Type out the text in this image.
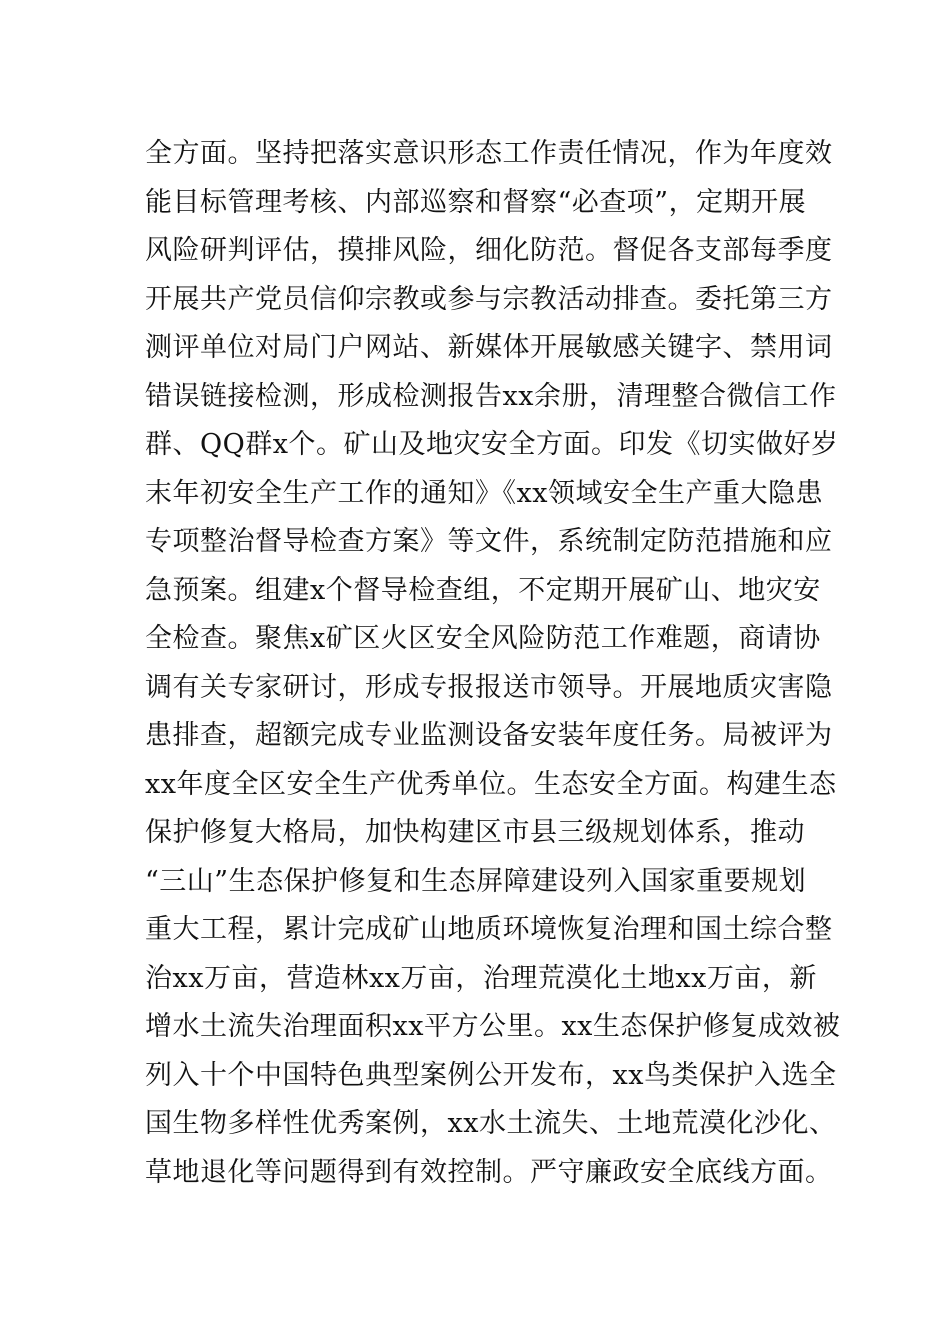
全方面。坚持把落实意识形态工作责任情况，作为年度效
能目标管理考核、内部巡察和督察“必查项”，定期开展
风险研判评估，摸排风险，细化防范。督促各支部每季度
开展共产党员信仰宗教或参与宗教活动排查。委托第三方
测评单位对局门户网站、新媒体开展敏感关键字、禁用词
错误链接检测，形成检测报告xx余册，清理整合微信工作
群、QQ群x个。矿山及地灾安全方面。印发《切实做好岁
末年初安全生产工作的通知》《xx领域安全生产重大隐患
专项整治督导检查方案》等文件，系统制定防范措施和应
急预案。组建x个督导检查组，不定期开展矿山、地灾安
全检查。聚焦x矿区火区安全风险防范工作难题，商请协
调有关专家研讨，形成专报报送市领导。开展地质灾害隐
患排查，超额完成专业监测设备安装年度任务。局被评为
xx年度全区安全生产优秀单位。生态安全方面。构建生态
保护修复大格局，加快构建区市县三级规划体系，推动
“三山”生态保护修复和生态屏障建设列入国家重要规划
重大工程，累计完成矿山地质环境恢复治理和国土综合整
治xx万亩，营造林xx万亩，治理荒漠化土地xx万亩，新
增水土流失治理面积xx平方公里。xx生态保护修复成效被
列入十个中国特色典型案例公开发布，xx鸟类保护入选全
国生物多样性优秀案例，xx水土流失、土地荒漠化沙化、
草地退化等问题得到有效控制。严守廉政安全底线方面。
